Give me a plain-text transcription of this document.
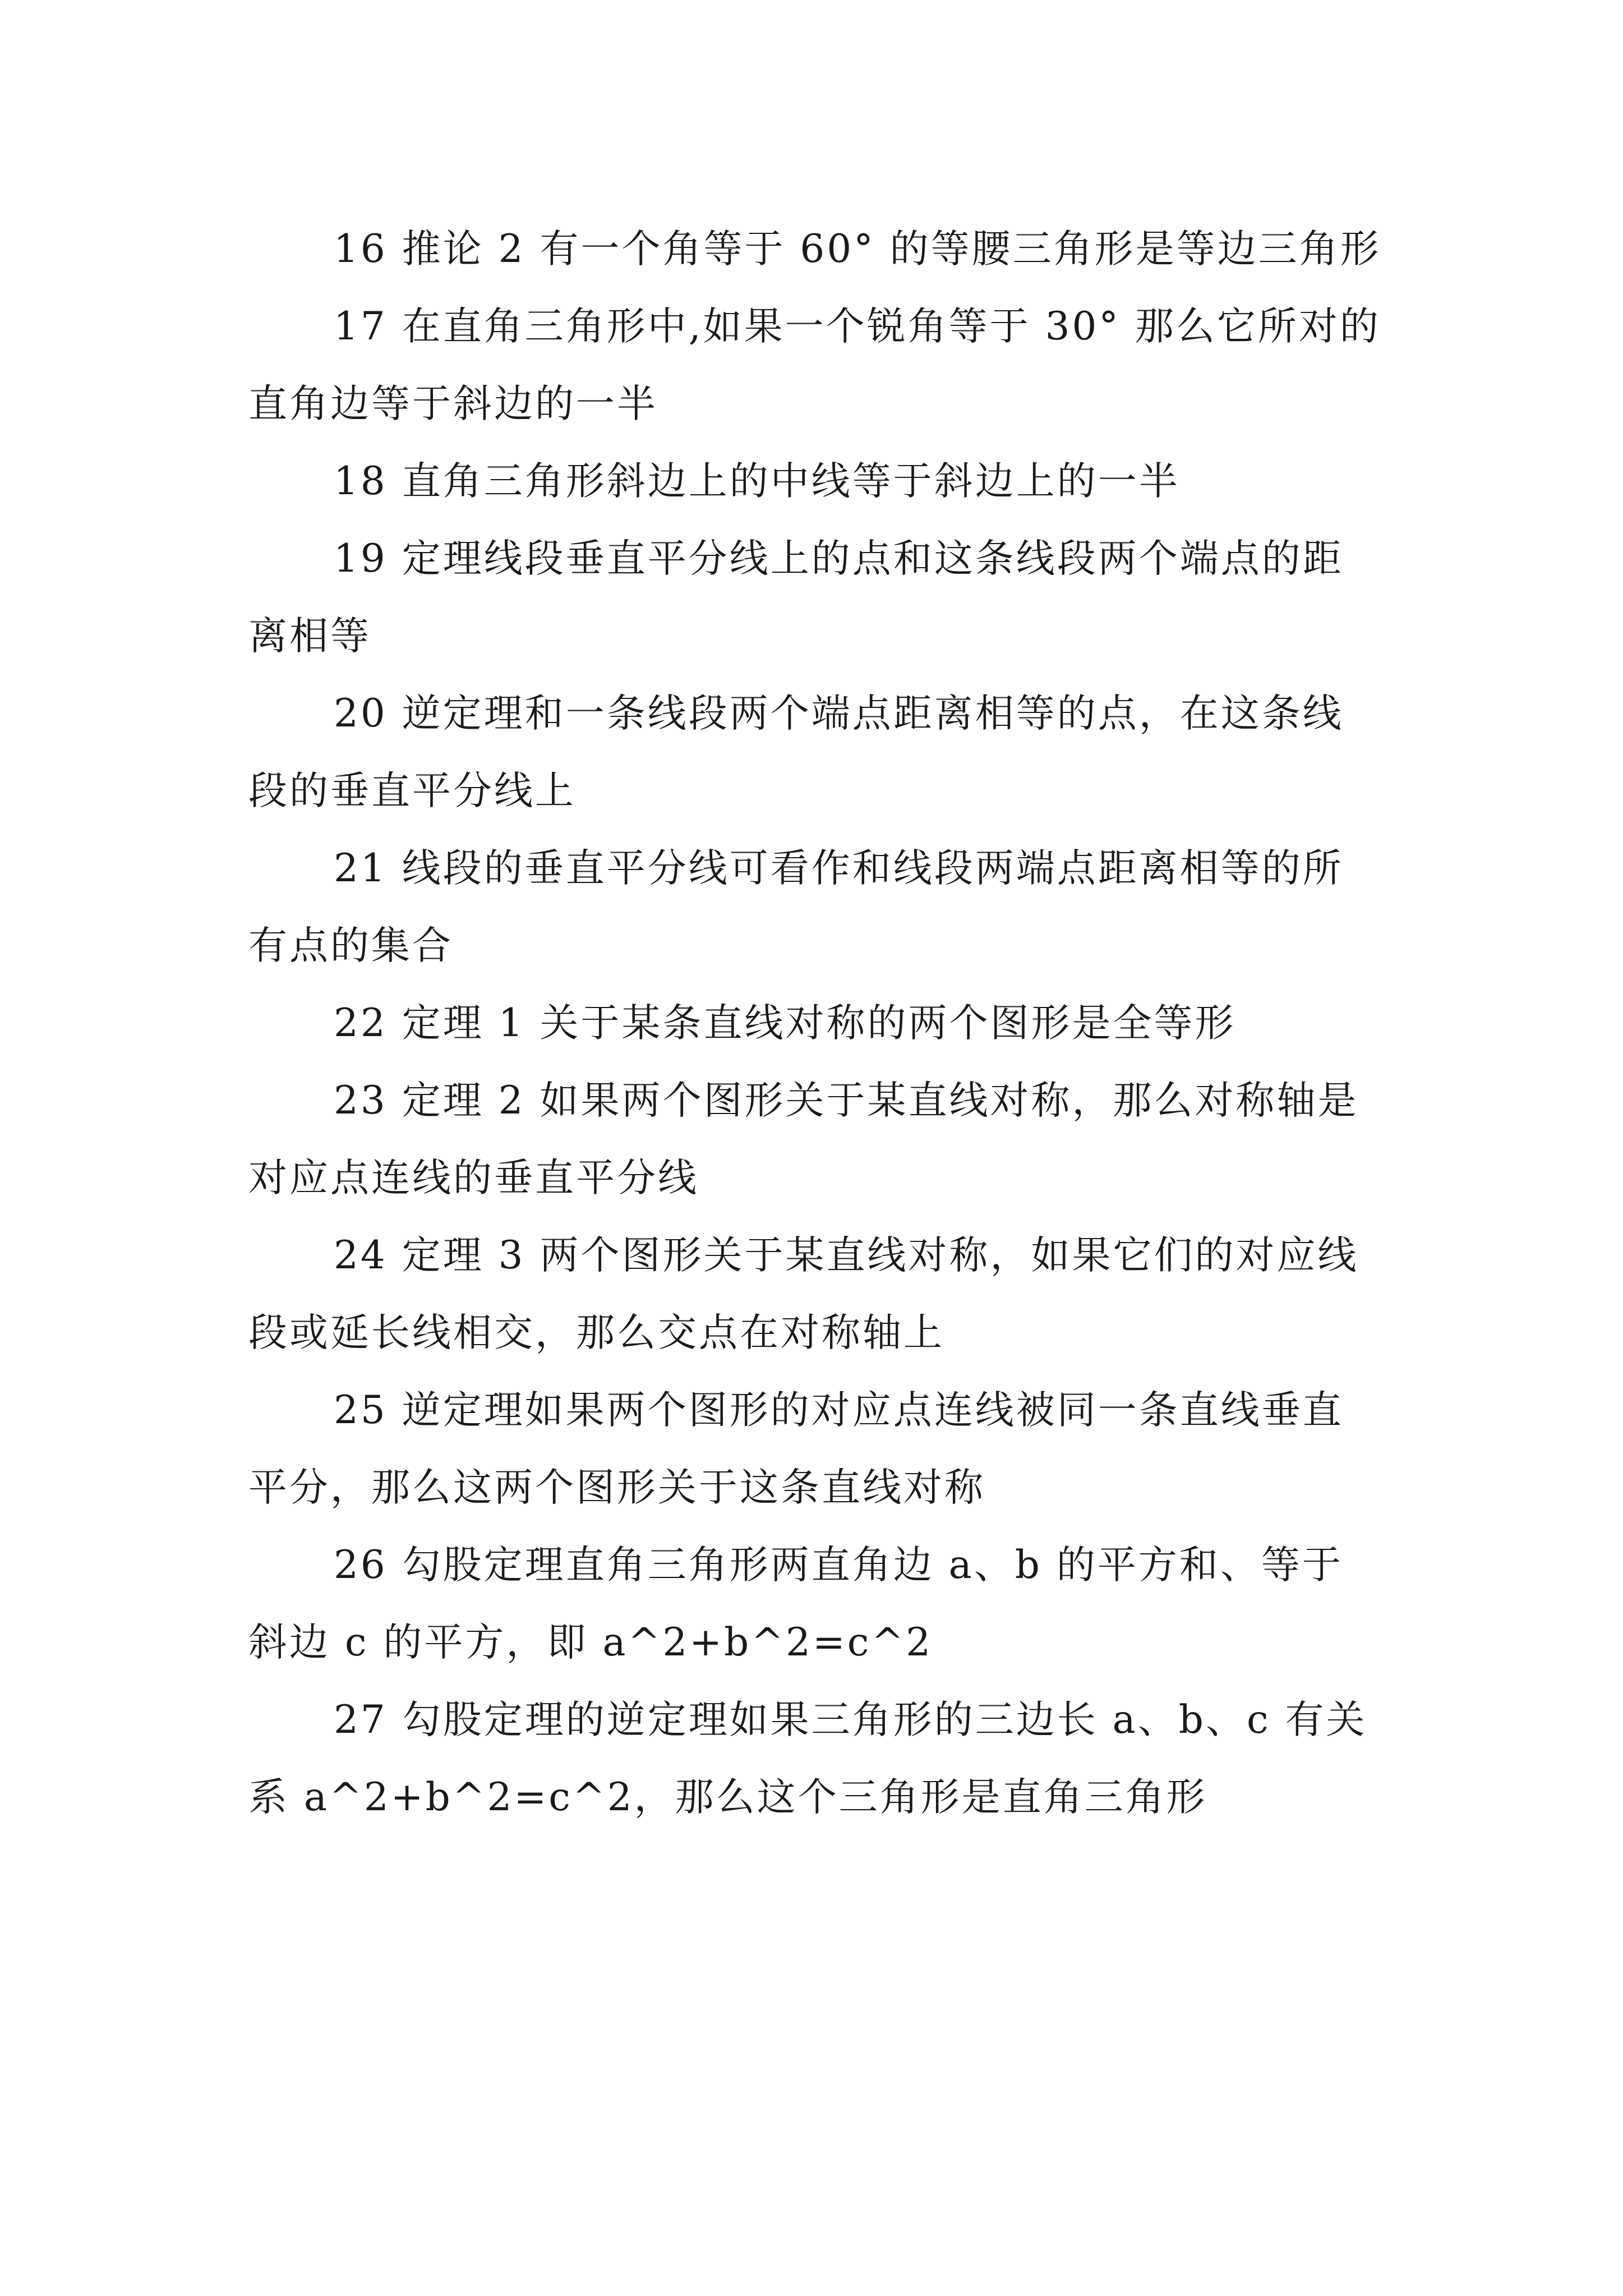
16 推论 2 有一个角等于 60° 的等腰三角形是等边三角形

17 在直角三角形中,如果一个锐角等于 30° 那么它所对的直角边等于斜边的一半

18 直角三角形斜边上的中线等于斜边上的一半

19 定理线段垂直平分线上的点和这条线段两个端点的距离相等

20 逆定理和一条线段两个端点距离相等的点，在这条线段的垂直平分线上

21 线段的垂直平分线可看作和线段两端点距离相等的所有点的集合

22 定理 1 关于某条直线对称的两个图形是全等形

23 定理 2 如果两个图形关于某直线对称，那么对称轴是对应点连线的垂直平分线

24 定理 3 两个图形关于某直线对称，如果它们的对应线段或延长线相交，那么交点在对称轴上

25 逆定理如果两个图形的对应点连线被同一条直线垂直平分，那么这两个图形关于这条直线对称

26 勾股定理直角三角形两直角边 a、b 的平方和、等于斜边 c 的平方，即 a^2+b^2=c^2

27 勾股定理的逆定理如果三角形的三边长 a、b、c 有关系 a^2+b^2=c^2，那么这个三角形是直角三角形
